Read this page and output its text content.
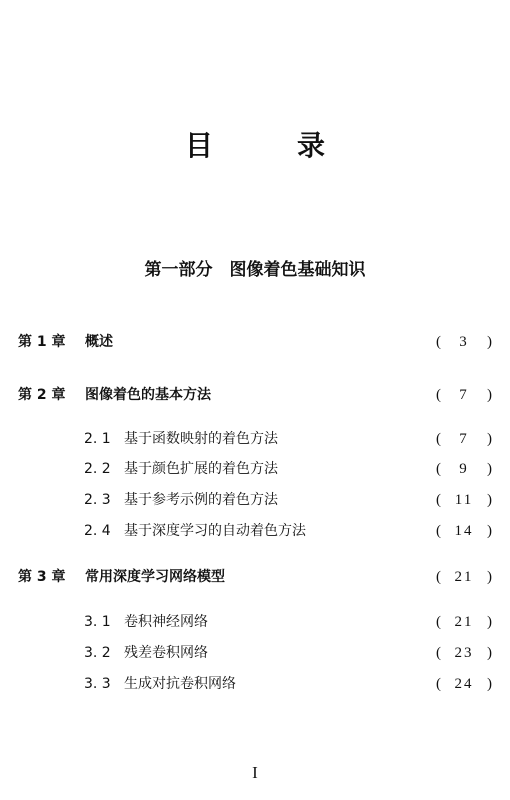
目　录
第一部分　图像着色基础知识
第 1 章	概述	(	3	)
第 2 章	图像着色的基本方法	(	7	)
2. 1 基于函数映射的着色方法	(	7	)
2. 2 基于颜色扩展的着色方法	(	9	)
2. 3 基于参考示例的着色方法	( 11 )
2. 4 基于深度学习的自动着色方法	( 14 )
第 3 章	常用深度学习网络模型	( 21 )
3. 1 卷积神经网络	( 21 )
3. 2 残差卷积网络	( 23 )
3. 3 生成对抗卷积网络	( 24 )
I
